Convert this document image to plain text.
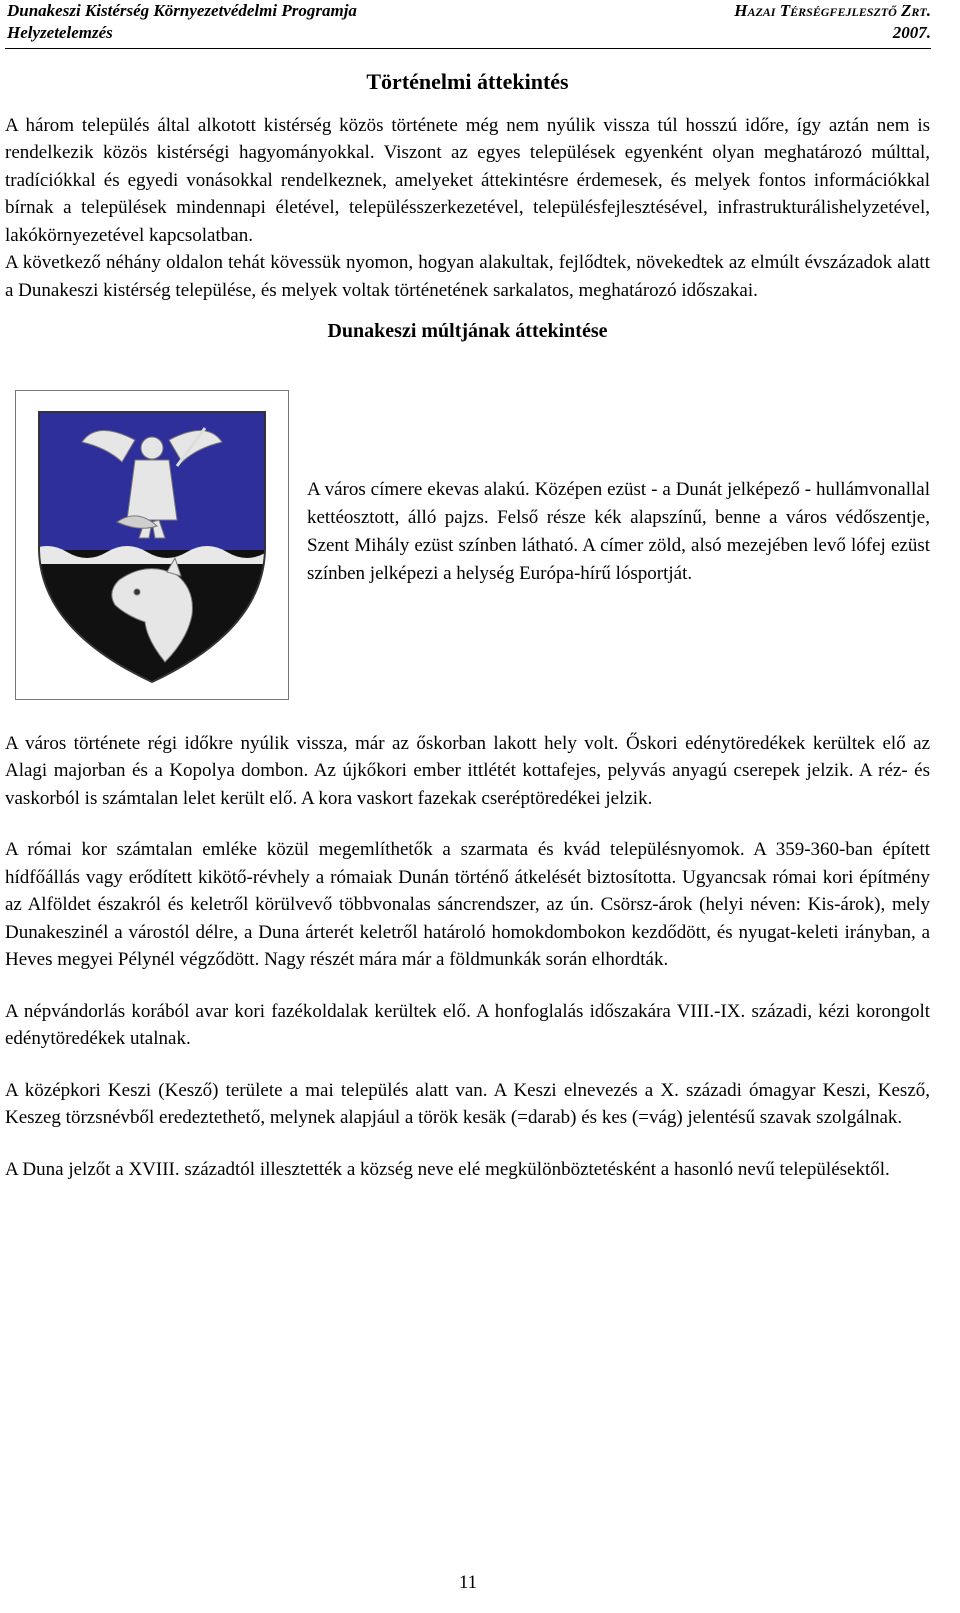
Dunakeszi Kistérség Környezetvédelmi Programja	Hazai Térségfejlesztő Zrt.
Helyzetelemzés	2007.
Történelmi áttekintés

A három település által alkotott kistérség közös története még nem nyúlik vissza túl hosszú időre, így aztán nem is rendelkezik közös kistérségi hagyományokkal. Viszont az egyes települések egyenként olyan meghatározó múlttal, tradíciókkal és egyedi vonásokkal rendelkeznek, amelyeket áttekintésre érdemesek, és melyek fontos információkkal bírnak a települések mindennapi életével, településszerkezetével, településfejlesztésével, infrastrukturálishelyzetével, lakókörnyezetével kapcsolatban.

A következő néhány oldalon tehát kövessük nyomon, hogyan alakultak, fejlődtek, növekedtek az elmúlt évszázadok alatt a Dunakeszi kistérség települése, és melyek voltak történetének sarkalatos, meghatározó időszakai.

Dunakeszi múltjának áttekintése

A város címere ekevas alakú. Középen ezüst - a Dunát jelképező - hullámvonallal kettéosztott, álló pajzs. Felső része kék alapszínű, benne a város védőszentje, Szent Mihály ezüst színben látható. A címer zöld, alsó mezejében levő lófej ezüst színben jelképezi a helység Európa-hírű lósportját.

A város története régi időkre nyúlik vissza, már az őskorban lakott hely volt. Őskori edénytöredékek kerültek elő az Alagi majorban és a Kopolya dombon. Az újkőkori ember ittlétét kottafejes, pelyvás anyagú cserepek jelzik. A réz- és vaskorból is számtalan lelet került elő. A kora vaskort fazekak cseréptöredékei jelzik.

A római kor számtalan emléke közül megemlíthetők a szarmata és kvád településnyomok. A 359-360-ban épített hídfőállás vagy erődített kikötő-révhely a rómaiak Dunán történő átkelését biztosította. Ugyancsak római kori építmény az Alföldet északról és keletről körülvevő többvonalas sáncrendszer, az ún. Csörsz-árok (helyi néven: Kis-árok), mely Dunakeszinél a várostól délre, a Duna árterét keletről határoló homokdombokon kezdődött, és nyugat-keleti irányban, a Heves megyei Pélynél végződött. Nagy részét mára már a földmunkák során elhordták.

A népvándorlás korából avar kori fazékoldalak kerültek elő. A honfoglalás időszakára VIII.-IX. századi, kézi korongolt edénytöredékek utalnak.

A középkori Keszi (Kesző) területe a mai település alatt van. A Keszi elnevezés a X. századi ómagyar Keszi, Kesző, Keszeg törzsnévből eredeztethető, melynek alapjául a török kesäk (=darab) és kes (=vág) jelentésű szavak szolgálnak.

A Duna jelzőt a XVIII. századtól illesztették a község neve elé megkülönböztetésként a hasonló nevű településektől.

11
